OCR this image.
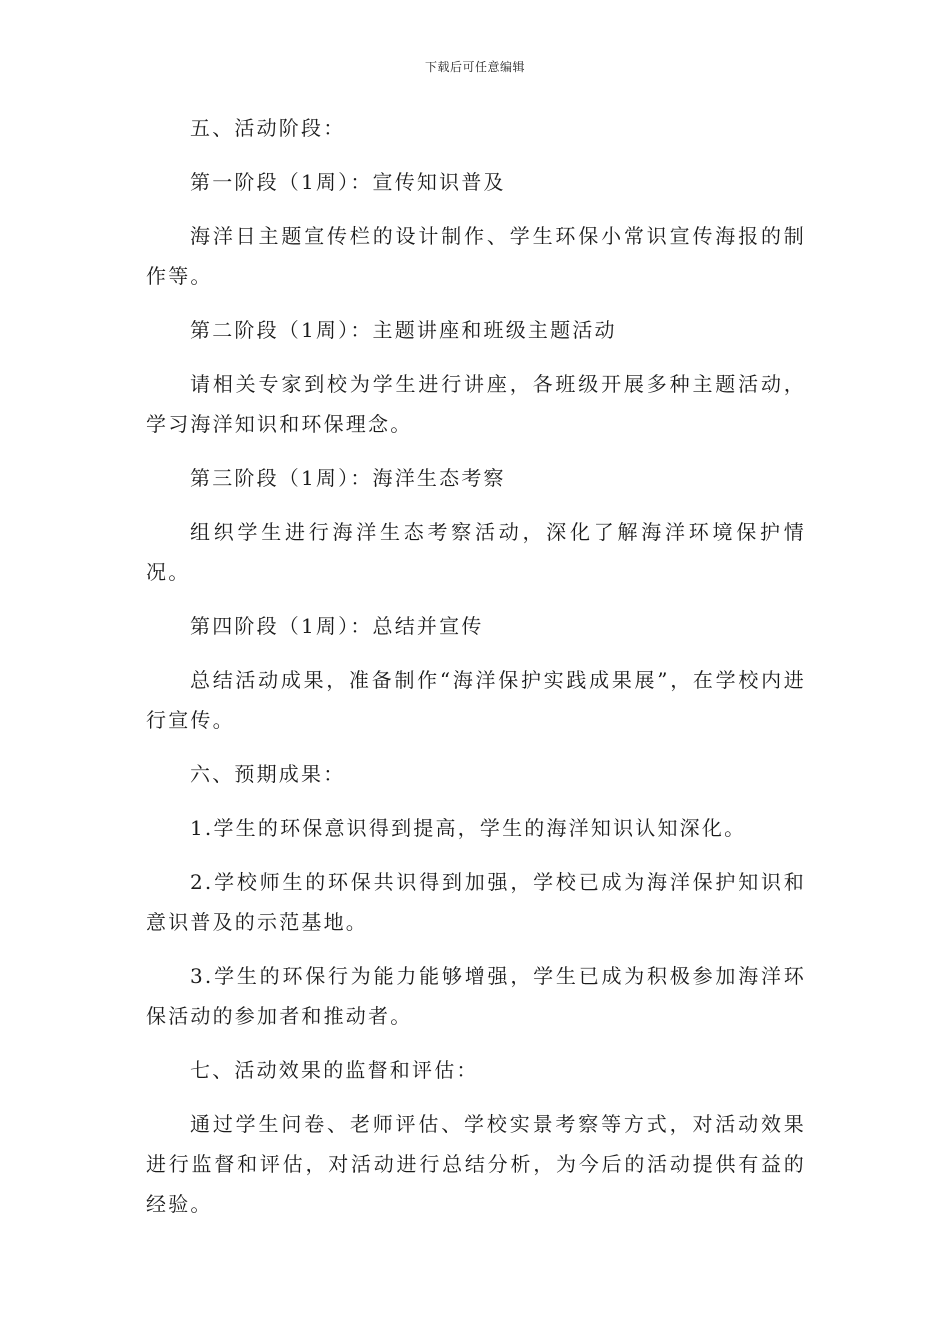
下载后可任意编辑

五、活动阶段：

第一阶段（1周）：宣传知识普及

海洋日主题宣传栏的设计制作、学生环保小常识宣传海报的制作等。

第二阶段（1周）：主题讲座和班级主题活动

请相关专家到校为学生进行讲座，各班级开展多种主题活动，学习海洋知识和环保理念。

第三阶段（1周）：海洋生态考察

组织学生进行海洋生态考察活动，深化了解海洋环境保护情况。

第四阶段（1周）：总结并宣传

总结活动成果，准备制作“海洋保护实践成果展”，在学校内进行宣传。

六、预期成果：

1.学生的环保意识得到提高，学生的海洋知识认知深化。

2.学校师生的环保共识得到加强，学校已成为海洋保护知识和意识普及的示范基地。

3.学生的环保行为能力能够增强，学生已成为积极参加海洋环保活动的参加者和推动者。

七、活动效果的监督和评估：

通过学生问卷、老师评估、学校实景考察等方式，对活动效果进行监督和评估，对活动进行总结分析，为今后的活动提供有益的经验。
